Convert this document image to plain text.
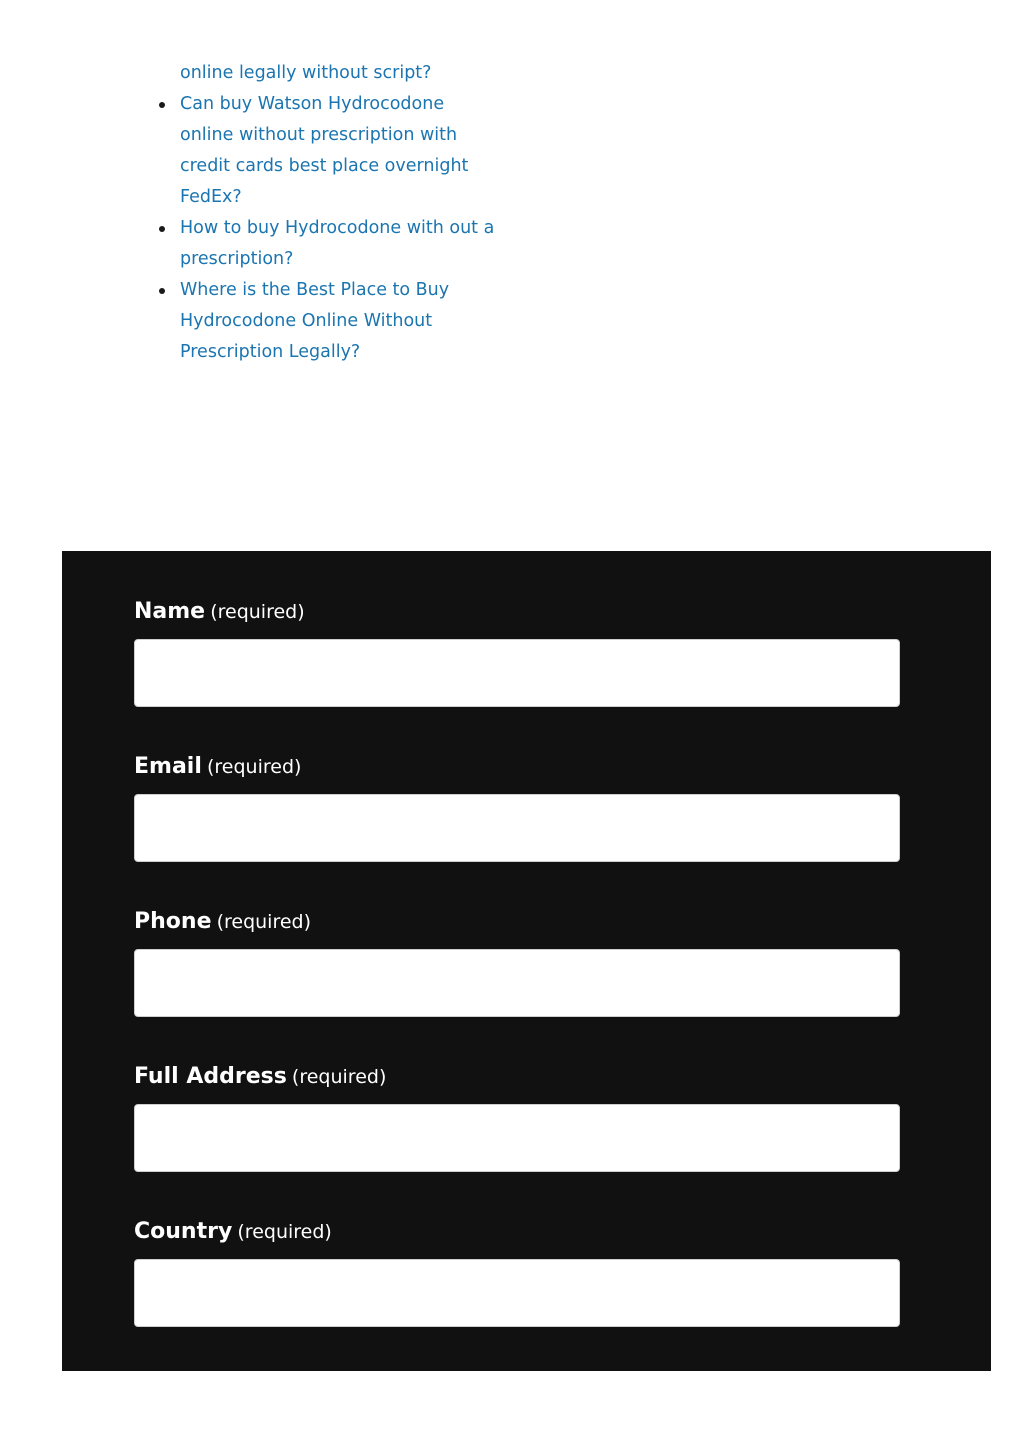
online legally without script?
Can buy Watson Hydrocodone online without prescription with credit cards best place overnight FedEx?
How to buy Hydrocodone with out a prescription?
Where is the Best Place to Buy Hydrocodone Online Without Prescription Legally?
Name (required)
Email (required)
Phone (required)
Full Address (required)
Country (required)
